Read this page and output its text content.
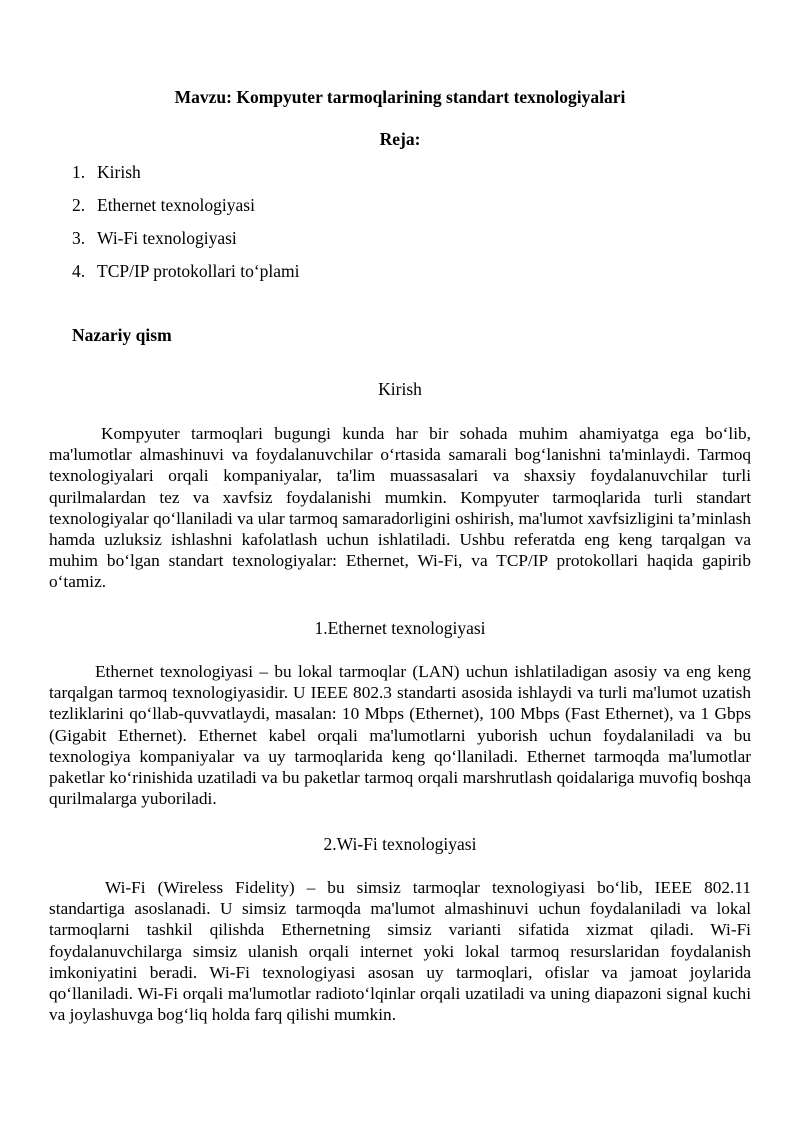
Mavzu: Kompyuter tarmoqlarining standart texnologiyalari

Reja:

1. Kirish
2. Ethernet texnologiyasi
3. Wi-Fi texnologiyasi
4. TCP/IP protokollari to‘plami

Nazariy qism

Kirish

Kompyuter tarmoqlari bugungi kunda har bir sohada muhim ahamiyatga ega bo‘lib, ma'lumotlar almashinuvi va foydalanuvchilar o‘rtasida samarali bog‘lanishni ta'minlaydi. Tarmoq texnologiyalari orqali kompaniyalar, ta'lim muassasalari va shaxsiy foydalanuvchilar turli qurilmalardan tez va xavfsiz foydalanishi mumkin. Kompyuter tarmoqlarida turli standart texnologiyalar qo‘llaniladi va ular tarmoq samaradorligini oshirish, ma'lumot xavfsizligini ta’minlash hamda uzluksiz ishlashni kafolatlash uchun ishlatiladi. Ushbu referatda eng keng tarqalgan va muhim bo‘lgan standart texnologiyalar: Ethernet, Wi-Fi, va TCP/IP protokollari haqida gapirib o‘tamiz.

1.Ethernet texnologiyasi

Ethernet texnologiyasi – bu lokal tarmoqlar (LAN) uchun ishlatiladigan asosiy va eng keng tarqalgan tarmoq texnologiyasidir. U IEEE 802.3 standarti asosida ishlaydi va turli ma'lumot uzatish tezliklarini qo‘llab-quvvatlaydi, masalan: 10 Mbps (Ethernet), 100 Mbps (Fast Ethernet), va 1 Gbps (Gigabit Ethernet). Ethernet kabel orqali ma'lumotlarni yuborish uchun foydalaniladi va bu texnologiya kompaniyalar va uy tarmoqlarida keng qo‘llaniladi. Ethernet tarmoqda ma'lumotlar paketlar ko‘rinishida uzatiladi va bu paketlar tarmoq orqali marshrutlash qoidalariga muvofiq boshqa qurilmalarga yuboriladi.

2.Wi-Fi texnologiyasi

Wi-Fi (Wireless Fidelity) – bu simsiz tarmoqlar texnologiyasi bo‘lib, IEEE 802.11 standartiga asoslanadi. U simsiz tarmoqda ma'lumot almashinuvi uchun foydalaniladi va lokal tarmoqlarni tashkil qilishda Ethernetning simsiz varianti sifatida xizmat qiladi. Wi-Fi foydalanuvchilarga simsiz ulanish orqali internet yoki lokal tarmoq resurslaridan foydalanish imkoniyatini beradi. Wi-Fi texnologiyasi asosan uy tarmoqlari, ofislar va jamoat joylarida qo‘llaniladi. Wi-Fi orqali ma'lumotlar radioto‘lqinlar orqali uzatiladi va uning diapazoni signal kuchi va joylashuvga bog‘liq holda farq qilishi mumkin.
